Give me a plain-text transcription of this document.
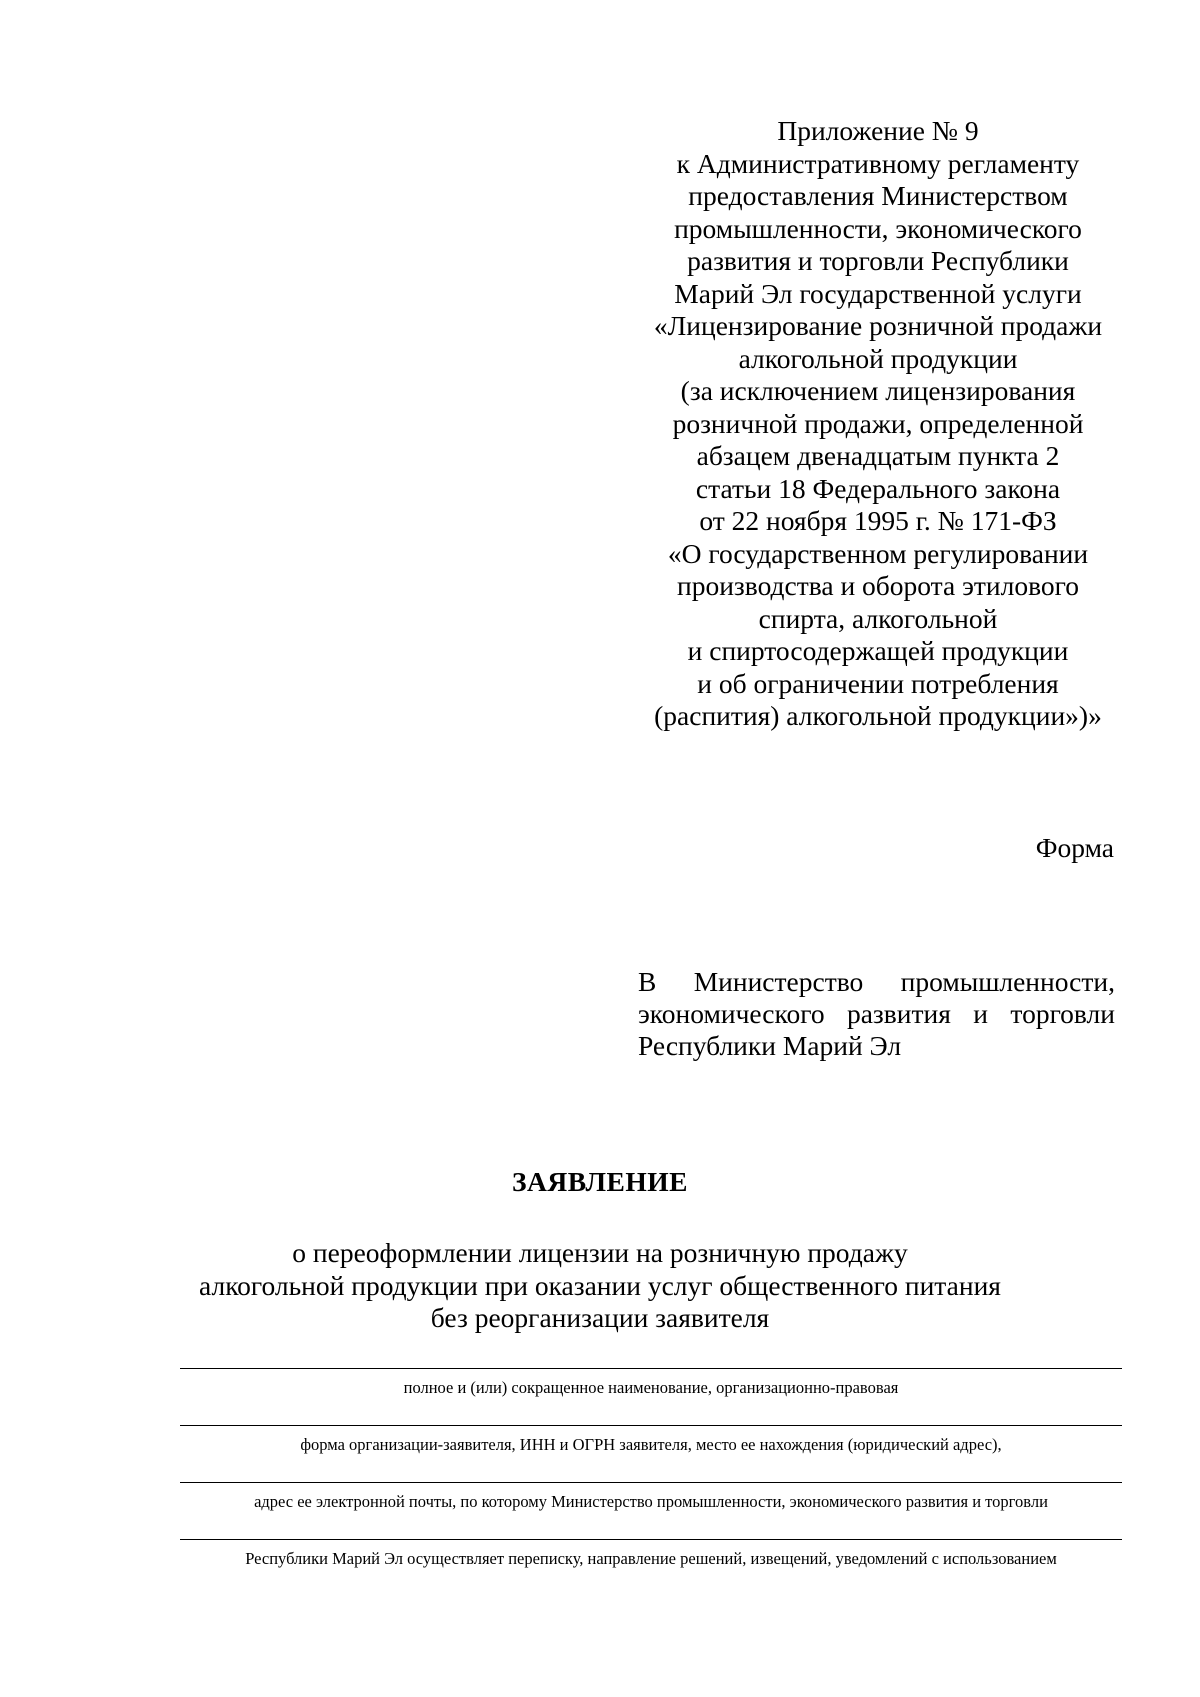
Приложение № 9
к Административному регламенту
предоставления Министерством
промышленности, экономического
развития и торговли Республики
Марий Эл государственной услуги
«Лицензирование розничной продажи
алкогольной продукции
(за исключением лицензирования
розничной продажи, определенной
абзацем двенадцатым пункта 2
статьи 18 Федерального закона
от 22 ноября 1995 г. № 171-ФЗ
«О государственном регулировании
производства и оборота этилового
спирта, алкогольной
и спиртосодержащей продукции
и об ограничении потребления
(распития) алкогольной продукции»)»
Форма
В Министерство промышленности,
экономического развития и торговли
Республики Марий Эл
ЗАЯВЛЕНИЕ
о переоформлении лицензии на розничную продажу
алкогольной продукции при оказании услуг общественного питания
без реорганизации заявителя
полное и (или) сокращенное наименование, организационно-правовая
форма организации-заявителя, ИНН и ОГРН заявителя, место ее нахождения (юридический адрес),
адрес ее электронной почты, по которому Министерство промышленности, экономического развития и торговли
Республики Марий Эл осуществляет переписку, направление решений, извещений, уведомлений с использованием
